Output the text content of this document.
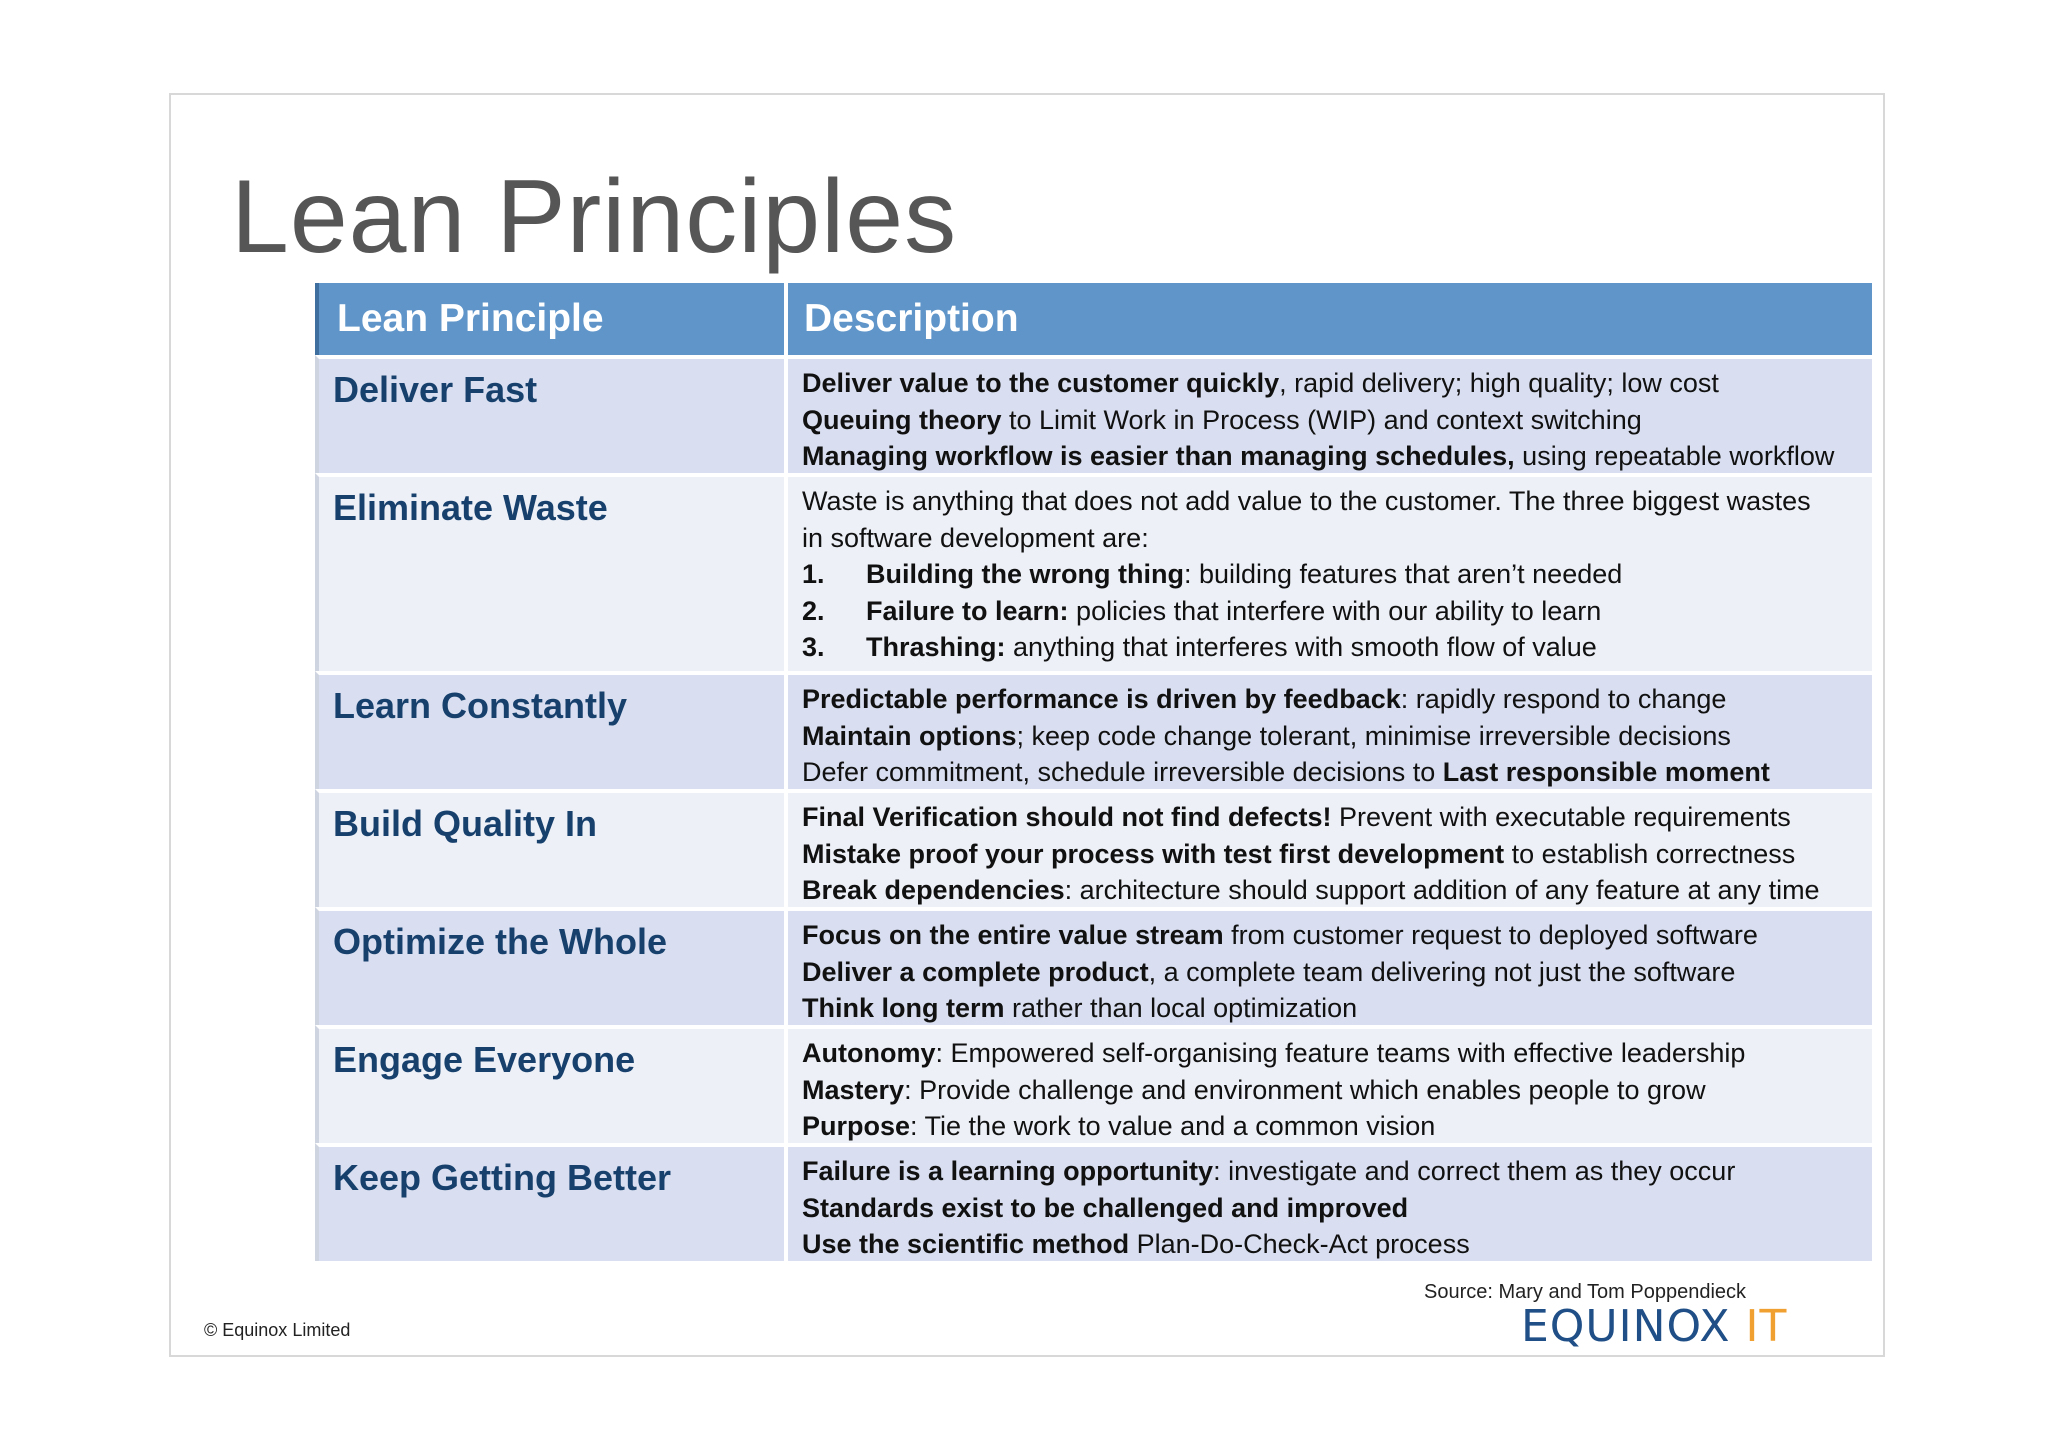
Lean Principles
Lean Principle	Description
Deliver Fast	Deliver value to the customer quickly, rapid delivery; high quality; low cost
Queuing theory to Limit Work in Process (WIP) and context switching
Managing workflow is easier than managing schedules, using repeatable workflow
Eliminate Waste	Waste is anything that does not add value to the customer. The three biggest wastes
in software development are:
1.	Building the wrong thing: building features that aren’t needed
2.	Failure to learn: policies that interfere with our ability to learn
3.	Thrashing: anything that interferes with smooth flow of value
Learn Constantly	Predictable performance is driven by feedback: rapidly respond to change
Maintain options; keep code change tolerant, minimise irreversible decisions
Defer commitment, schedule irreversible decisions to Last responsible moment
Build Quality In	Final Verification should not find defects! Prevent with executable requirements
Mistake proof your process with test first development to establish correctness
Break dependencies: architecture should support addition of any feature at any time
Optimize the Whole	Focus on the entire value stream from customer request to deployed software
Deliver a complete product, a complete team delivering not just the software
Think long term rather than local optimization
Engage Everyone	Autonomy: Empowered self-organising feature teams with effective leadership
Mastery: Provide challenge and environment which enables people to grow
Purpose: Tie the work to value and a common vision
Keep Getting Better	Failure is a learning opportunity: investigate and correct them as they occur
Standards exist to be challenged and improved
Use the scientific method Plan-Do-Check-Act process
Source: Mary and Tom Poppendieck
© Equinox Limited	EQUINOX IT
